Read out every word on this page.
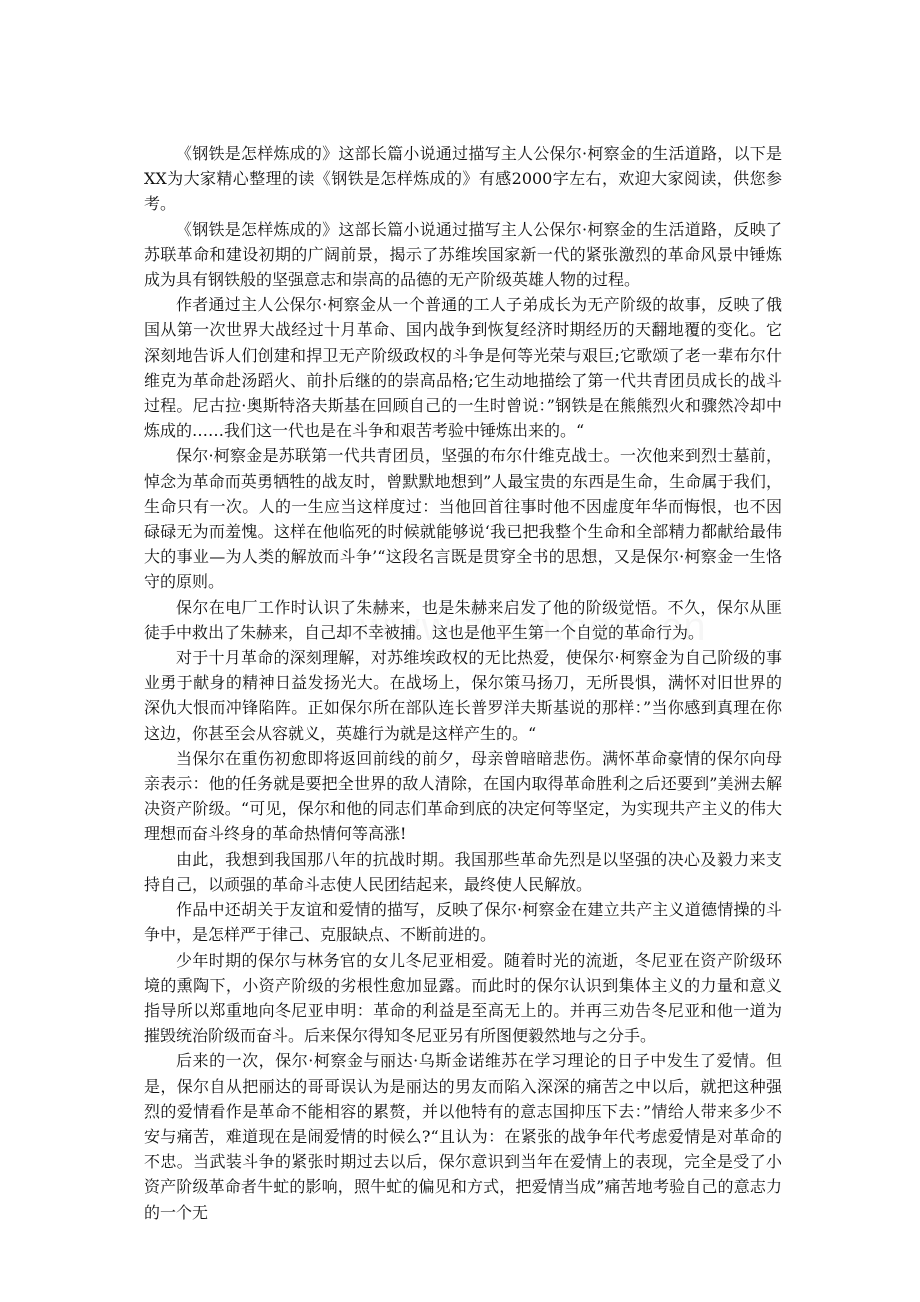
《钢铁是怎样炼成的》这部长篇小说通过描写主人公保尔·柯察金的生活道路，以下是XX为大家精心整理的读《钢铁是怎样炼成的》有感2000字左右，欢迎大家阅读，供您参考。

《钢铁是怎样炼成的》这部长篇小说通过描写主人公保尔·柯察金的生活道路，反映了苏联革命和建设初期的广阔前景，揭示了苏维埃国家新一代的紧张激烈的革命风景中锤炼成为具有钢铁般的坚强意志和崇高的品德的无产阶级英雄人物的过程。

作者通过主人公保尔·柯察金从一个普通的工人子弟成长为无产阶级的故事，反映了俄国从第一次世界大战经过十月革命、国内战争到恢复经济时期经历的天翻地覆的变化。它深刻地告诉人们创建和捍卫无产阶级政权的斗争是何等光荣与艰巨;它歌颂了老一辈布尔什维克为革命赴汤蹈火、前扑后继的的崇高品格;它生动地描绘了第一代共青团员成长的战斗过程。尼古拉·奥斯特洛夫斯基在回顾自己的一生时曾说：”钢铁是在熊熊烈火和骤然冷却中炼成的……我们这一代也是在斗争和艰苦考验中锤炼出来的。“

保尔·柯察金是苏联第一代共青团员，坚强的布尔什维克战士。一次他来到烈士墓前，悼念为革命而英勇牺牲的战友时，曾默默地想到”人最宝贵的东西是生命，生命属于我们，生命只有一次。人的一生应当这样度过：当他回首往事时他不因虚度年华而悔恨，也不因碌碌无为而羞愧。这样在他临死的时候就能够说‘我已把我整个生命和全部精力都献给最伟大的事业—为人类的解放而斗争’“这段名言既是贯穿全书的思想，又是保尔·柯察金一生恪守的原则。

保尔在电厂工作时认识了朱赫来，也是朱赫来启发了他的阶级觉悟。不久，保尔从匪徒手中救出了朱赫来，自己却不幸被捕。这也是他平生第一个自觉的革命行为。

对于十月革命的深刻理解，对苏维埃政权的无比热爱，使保尔·柯察金为自己阶级的事业勇于献身的精神日益发扬光大。在战场上，保尔策马扬刀，无所畏惧，满怀对旧世界的深仇大恨而冲锋陷阵。正如保尔所在部队连长普罗洋夫斯基说的那样：”当你感到真理在你这边，你甚至会从容就义，英雄行为就是这样产生的。“

当保尔在重伤初愈即将返回前线的前夕，母亲曾暗暗悲伤。满怀革命豪情的保尔向母亲表示：他的任务就是要把全世界的敌人清除，在国内取得革命胜利之后还要到”美洲去解决资产阶级。“可见，保尔和他的同志们革命到底的决定何等坚定，为实现共产主义的伟大理想而奋斗终身的革命热情何等高涨!

由此，我想到我国那八年的抗战时期。我国那些革命先烈是以坚强的决心及毅力来支持自己，以顽强的革命斗志使人民团结起来，最终使人民解放。

作品中还胡关于友谊和爱情的描写，反映了保尔·柯察金在建立共产主义道德情操的斗争中，是怎样严于律己、克服缺点、不断前进的。

少年时期的保尔与林务官的女儿冬尼亚相爱。随着时光的流逝，冬尼亚在资产阶级环境的熏陶下，小资产阶级的劣根性愈加显露。而此时的保尔认识到集体主义的力量和意义指导所以郑重地向冬尼亚申明：革命的利益是至高无上的。并再三劝告冬尼亚和他一道为摧毁统治阶级而奋斗。后来保尔得知冬尼亚另有所图便毅然地与之分手。

后来的一次，保尔·柯察金与丽达·乌斯金诺维苏在学习理论的日子中发生了爱情。但是，保尔自从把丽达的哥哥误认为是丽达的男友而陷入深深的痛苦之中以后，就把这种强烈的爱情看作是革命不能相容的累赘，并以他特有的意志国抑压下去：”情给人带来多少不安与痛苦，难道现在是闹爱情的时候么?“且认为：在紧张的战争年代考虑爱情是对革命的不忠。当武装斗争的紧张时期过去以后，保尔意识到当年在爱情上的表现，完全是受了小资产阶级革命者牛虻的影响，照牛虻的偏见和方式，把爱情当成”痛苦地考验自己的意志力的一个无
